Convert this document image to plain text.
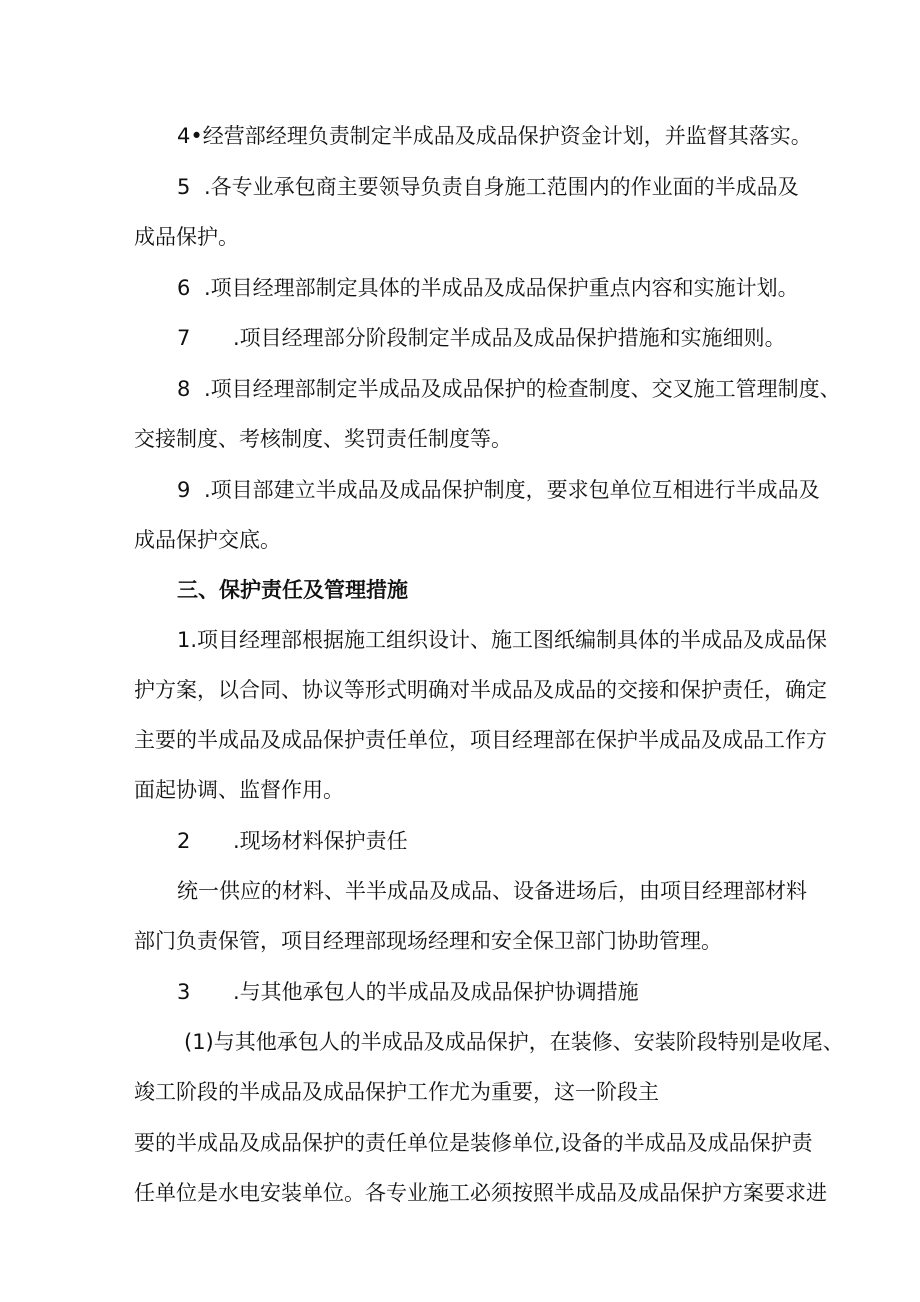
4•经营部经理负责制定半成品及成品保护资金计划，并监督其落实。
5 .各专业承包商主要领导负责自身施工范围内的作业面的半成品及
成品保护。
6 .项目经理部制定具体的半成品及成品保护重点内容和实施计划。
7 .项目经理部分阶段制定半成品及成品保护措施和实施细则。
8 .项目经理部制定半成品及成品保护的检查制度、交叉施工管理制度、
交接制度、考核制度、奖罚责任制度等。
9 .项目部建立半成品及成品保护制度，要求包单位互相进行半成品及
成品保护交底。
三、保护责任及管理措施
1.项目经理部根据施工组织设计、施工图纸编制具体的半成品及成品保
护方案，以合同、协议等形式明确对半成品及成品的交接和保护责任，确定
主要的半成品及成品保护责任单位，项目经理部在保护半成品及成品工作方
面起协调、监督作用。
2 .现场材料保护责任
统一供应的材料、半半成品及成品、设备进场后，由项目经理部材料
部门负责保管，项目经理部现场经理和安全保卫部门协助管理。
3 .与其他承包人的半成品及成品保护协调措施
(1)与其他承包人的半成品及成品保护，在装修、安装阶段特别是收尾、
竣工阶段的半成品及成品保护工作尤为重要，这一阶段主
要的半成品及成品保护的责任单位是装修单位,设备的半成品及成品保护责
任单位是水电安装单位。各专业施工必须按照半成品及成品保护方案要求进
